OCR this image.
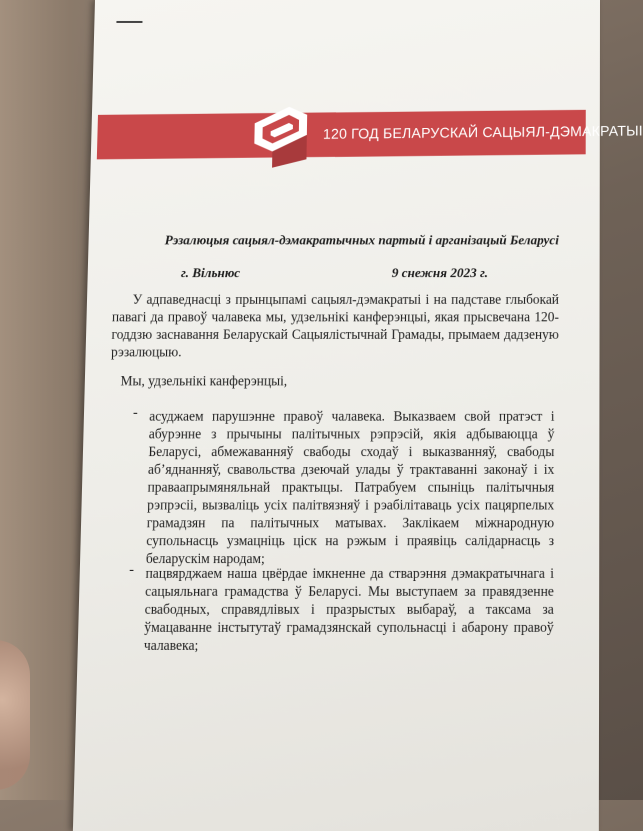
120 ГОД БЕЛАРУСКАЙ САЦЫЯЛ-ДЭМАКРАТЫІ
Рэзалюцыя сацыял-дэмакратычных партый і арганізацый Беларусі
г. Вільнюс	9 снежня 2023 г.
У адпаведнасці з прынцыпамі сацыял-дэмакратыі і на падставе глыбокай павагі да правоў чалавека мы, удзельнікі канферэнцыі, якая прысвечана 120-годдзю заснавання Беларускай Сацыялістычнай Грамады, прымаем дадзеную рэзалюцыю.
Мы, удзельнікі канферэнцыі,
- асуджаем парушэнне правоў чалавека. Выказваем свой пратэст і абурэнне з прычыны палітычных рэпрэсій, якія адбываюцца ў Беларусі, абмежаванняў свабоды сходаў і выказванняў, свабоды аб’яднанняў, свавольства дзеючай улады ў трактаванні законаў і іх праваапрымяняльнай практыцы. Патрабуем спыніць палітычныя рэпрэсіі, вызваліць усіх палітвязняў і рэабілітаваць усіх пацярпелых грамадзян па палітычных матывах. Заклікаем міжнародную супольнасць узмацніць ціск на рэжым і праявіць салідарнасць з беларускім народам;
- пацвярджаем наша цвёрдае імкненне да стварэння дэмакратычнага і сацыяльнага грамадства ў Беларусі. Мы выступаем за правядзенне свабодных, справядлівых і празрыстых выбараў, а таксама за ўмацаванне інстытутаў грамадзянскай супольнасці і абарону правоў чалавека;
